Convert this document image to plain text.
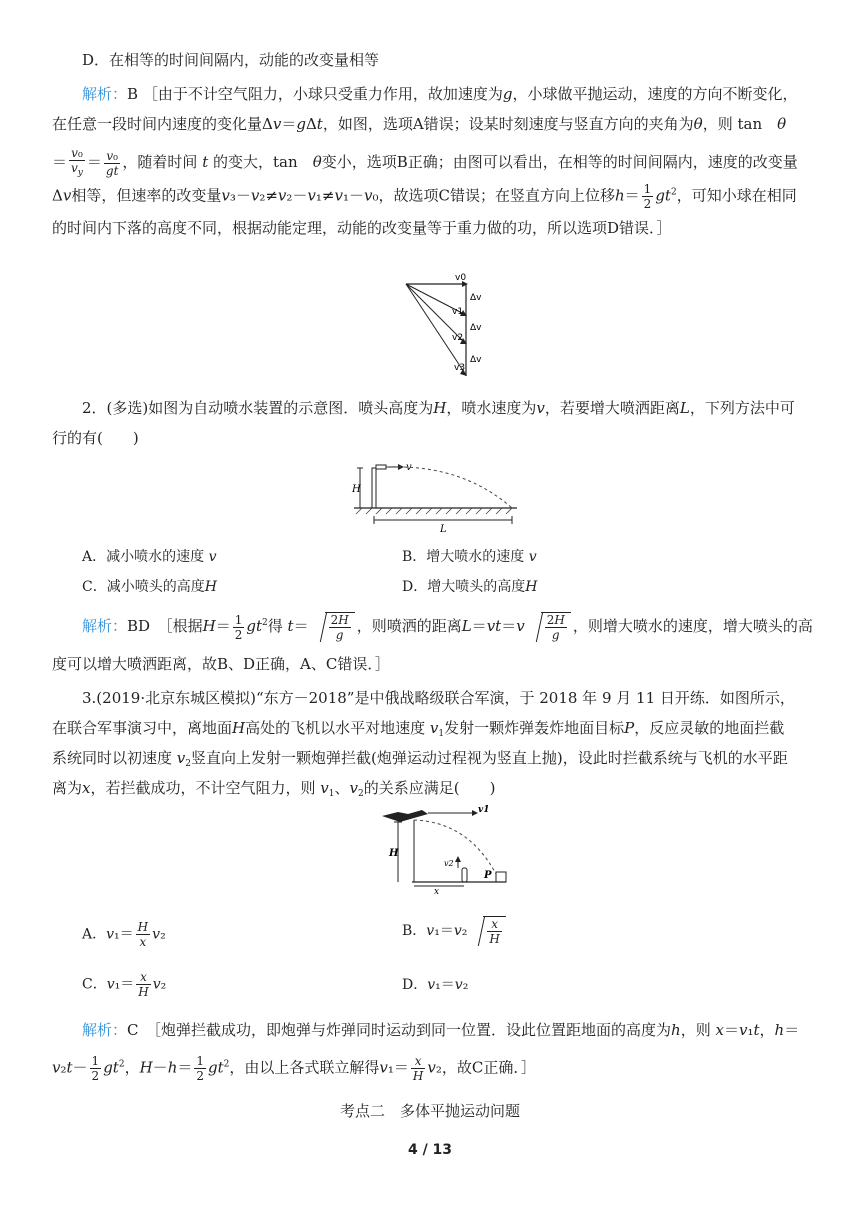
D．在相等的时间间隔内，动能的改变量相等
解析：B ［由于不计空气阻力，小球只受重力作用，故加速度为g，小球做平抛运动，速度的方向不断变化，
在任意一段时间内速度的变化量Δv＝gΔt，如图，选项A错误；设某时刻速度与竖直方向的夹角为θ，则 tan　 θ
＝ $\frac{\text{v₀}}{v_y} = \frac{\text{v₀}}{gt}$ ，随着时间 t 的变大，tan　 θ变小，选项B正确；由图可以看出，在相等的时间间隔内，速度的改变量
Δv相等，但速率的改变量v₃－v₂≠v₂－v₁≠v₁－v₀，故选项C错误；在竖直方向上位移$h= \frac{1}{2} gt^2$，可知小球在相同
的时间内下落的高度不同，根据动能定理，动能的改变量等于重力做的功，所以选项D错误．］
v0
Δv
Δv
Δv
v1
v2
v3
2．(多选)如图为自动喷水装置的示意图．喷头高度为H，喷水速度为v，若要增大喷洒距离L，下列方法中可
行的有(　　)
H
v
L
A．减小喷水的速度 v	B．增大喷水的速度 v
C．减小喷头的高度H	D．增大喷头的高度H
解析：BD　 ［根据$H= \frac{1}{2} gt^2$得 $t= \frac{2H}{g}$ ，则喷洒的距离$L=vt=v \frac{2H}{g}$ ，则增大喷水的速度，增大喷头的高
度可以增大喷洒距离，故B、D正确，A、C错误．］
3.(2019·北京东城区模拟)“东方－2018”是中俄战略级联合军演，于 2018 年 9 月 11 日开练．如图所示，
在联合军事演习中，离地面H高处的飞机以水平对地速度 $v_1$发射一颗炸弹轰炸地面目标P，反应灵敏的地面拦截
系统同时以初速度 $v_2$竖直向上发射一颗炮弹拦截(炮弹运动过程视为竖直上抛)，设此时拦截系统与飞机的水平距
离为x，若拦截成功，不计空气阻力，则 $v_1$、$v_2$的关系应满足(　　)
v1
H
x
v2
P
A．$v_1= \frac{H}{x} v_2$	B．$v_1=v_2 \frac{x}{H}$
C．$v_1= \frac{x}{H} v_2$	D．v₁＝v₂
解析：C　 ［炮弹拦截成功，即炮弹与炸弹同时运动到同一位置．设此位置距地面的高度为h，则 x＝v₁t，h＝
$v_2t- \frac{1}{2} gt^2$，$H-h= \frac{1}{2} gt^2$，由以上各式联立解得$v_1= \frac{x}{H} v_2$，故C正确．］
考点二　多体平抛运动问题
4 / 13
